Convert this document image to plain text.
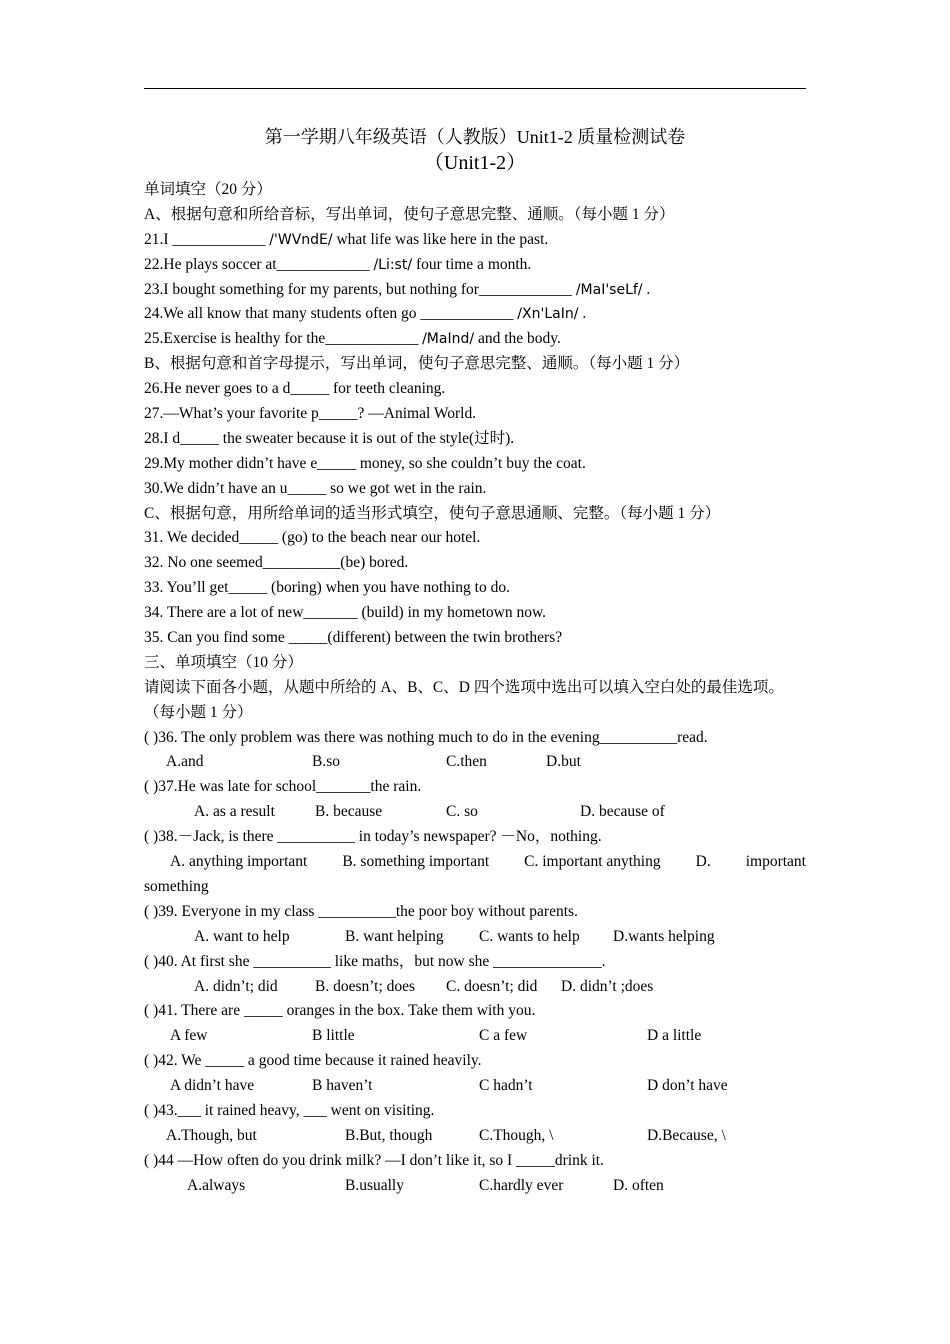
第一学期八年级英语（人教版）Unit1-2 质量检测试卷
（Unit1-2）
单词填空（20 分）
A、根据句意和所给音标，写出单词，使句子意思完整、通顺。（每小题 1 分）
21.I ____________ /'WVndE/ what life was like here in the past.
22.He plays soccer at____________ /Li:st/ four time a month.
23.I bought something for my parents, but nothing for____________ /MaI'seLf/ .
24.We all know that many students often go ____________ /Xn'LaIn/ .
25.Exercise is healthy for the____________ /MaInd/ and the body.
B、根据句意和首字母提示，写出单词，使句子意思完整、通顺。（每小题 1 分）
26.He never goes to a d_____ for teeth cleaning.
27.—What’s your favorite p_____? —Animal World.
28.I d_____ the sweater because it is out of the style(过时).
29.My mother didn’t have e_____ money, so she couldn’t buy the coat.
30.We didn’t have an u_____ so we got wet in the rain.
C、根据句意，用所给单词的适当形式填空，使句子意思通顺、完整。（每小题 1 分）
31. We decided_____ (go) to the beach near our hotel.
32. No one seemed__________(be) bored.
33. You’ll get_____ (boring) when you have nothing to do.
34. There are a lot of new_______ (build) in my hometown now.
35. Can you find some _____(different) between the twin brothers?
三、单项填空（10 分）
请阅读下面各小题，从题中所给的 A、B、C、D 四个选项中选出可以填入空白处的最佳选项。
（每小题 1 分）
( )36. The only problem was there was nothing much to do in the evening__________read.
A.and	B.so	C.then	D.but
( )37.He was late for school_______the rain.
A. as a result	B. because	C. so	D. because of
( )38.－Jack, is there __________ in today’s newspaper? －No，nothing.
A. anything important B. something important C. important anything D. important
something
( )39. Everyone in my class __________the poor boy without parents.
A. want to help	B. want helping C. wants to help D.wants helping
( )40. At first she __________ like maths，but now she ______________.
A. didn’t; did B. doesn’t; does C. doesn’t; did D. didn’t ;does
( )41. There are _____ oranges in the box. Take them with you.
A few	B little	C a few	D a little
( )42. We _____ a good time because it rained heavily.
A didn’t have	B haven’t	C hadn’t	D don’t have
( )43.___ it rained heavy, ___ went on visiting.
A.Though, but	B.But, though	C.Though, \	D.Because, \
( )44 —How often do you drink milk? —I don’t like it, so I _____drink it.
A.always	B.usually	C.hardly ever	D. often
